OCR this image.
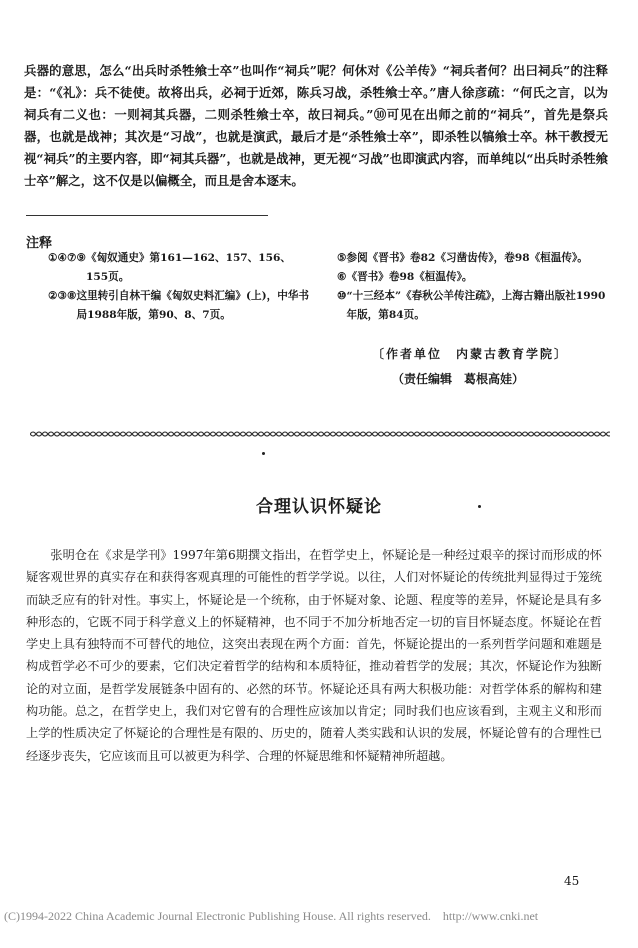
兵器的意思，怎么“出兵时杀牲飨士卒”也叫作“祠兵”呢？何休对《公羊传》“祠兵者何？出曰祠兵”的注释是：“《礼》：兵不徒使。故将出兵，必祠于近郊，陈兵习战，杀牲飨士卒。”唐人徐彦疏：“何氏之言，以为祠兵有二义也：一则祠其兵器，二则杀牲飨士卒，故曰祠兵。”⑩可见在出师之前的“祠兵”，首先是祭兵器，也就是战神；其次是“习战”，也就是演武，最后才是“杀牲飨士卒”，即杀牲以犒飨士卒。林干教授无视“祠兵”的主要内容，即“祠其兵器”，也就是战神，更无视“习战”也即演武内容，而单纯以“出兵时杀牲飨士卒”解之，这不仅是以偏概全，而且是舍本逐末。

注释
①④⑦⑨ 《匈奴通史》第161—162、157、156、155页。
②③⑧ 这里转引自林干编《匈奴史料汇编》(上)，中华书局1988年版，第90、8、7页。
⑤ 参阅《晋书》卷82《习凿齿传》，卷98《桓温传》。
⑥ 《晋书》卷98《桓温传》。
⑩ “十三经本”《春秋公羊传注疏》，上海古籍出版社1990年版，第84页。

〔作者单位　内蒙古教育学院〕

（责任编辑　葛根高娃）

合理认识怀疑论

张明仓在《求是学刊》1997年第6期撰文指出，在哲学史上，怀疑论是一种经过艰辛的探讨而形成的怀疑客观世界的真实存在和获得客观真理的可能性的哲学学说。以往，人们对怀疑论的传统批判显得过于笼统而缺乏应有的针对性。事实上，怀疑论是一个统称，由于怀疑对象、论题、程度等的差异，怀疑论是具有多种形态的，它既不同于科学意义上的怀疑精神，也不同于不加分析地否定一切的盲目怀疑态度。怀疑论在哲学史上具有独特而不可替代的地位，这突出表现在两个方面：首先，怀疑论提出的一系列哲学问题和难题是构成哲学必不可少的要素，它们决定着哲学的结构和本质特征，推动着哲学的发展；其次，怀疑论作为独断论的对立面，是哲学发展链条中固有的、必然的环节。怀疑论还具有两大积极功能：对哲学体系的解构和建构功能。总之，在哲学史上，我们对它曾有的合理性应该加以肯定；同时我们也应该看到，主观主义和形而上学的性质决定了怀疑论的合理性是有限的、历史的，随着人类实践和认识的发展，怀疑论曾有的合理性已经逐步丧失，它应该而且可以被更为科学、合理的怀疑思维和怀疑精神所超越。

45

(C)1994-2022 China Academic Journal Electronic Publishing House. All rights reserved.　http://www.cnki.net
